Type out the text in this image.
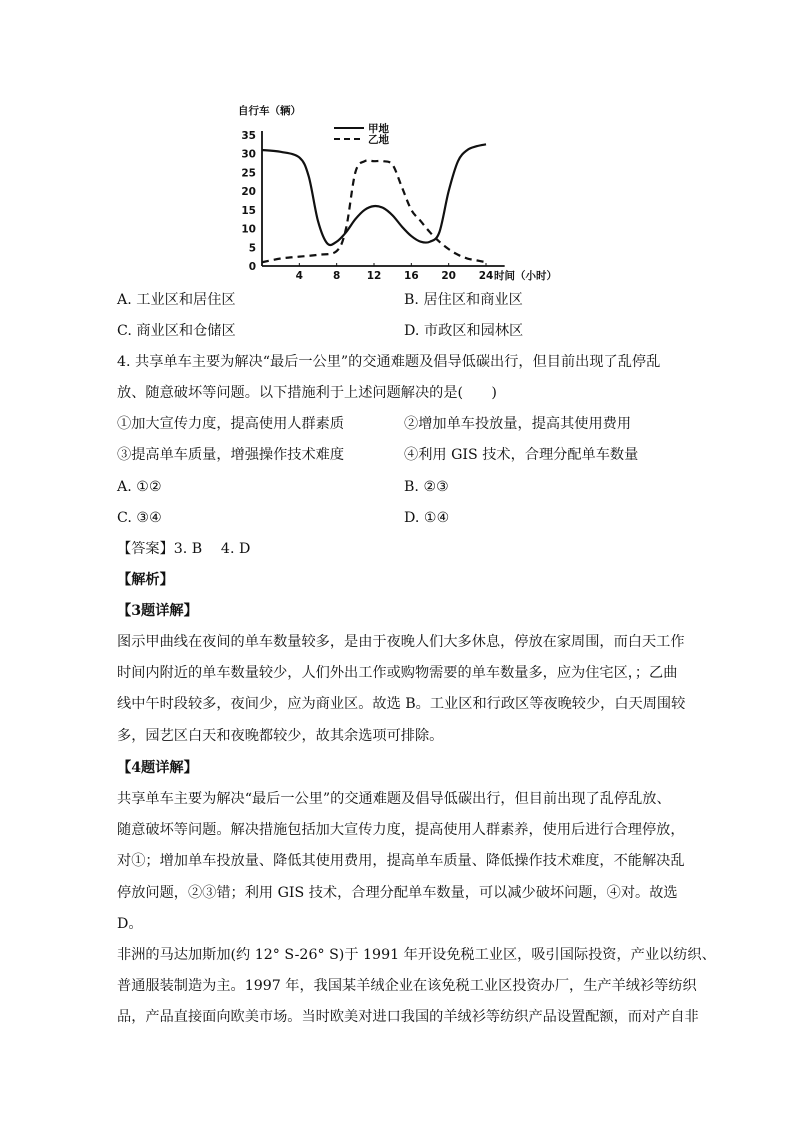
自行车（辆）
35
30
25
20
15
10
5
0
4	8	12 16 20 24 时间（小时）
甲地
乙地
A. 工业区和居住区	B. 居住区和商业区
C. 商业区和仓储区	D. 市政区和园林区
4. 共享单车主要为解决“最后一公里”的交通难题及倡导低碳出行，但目前出现了乱停乱
放、随意破坏等问题。以下措施利于上述问题解决的是(　　)
①加大宣传力度，提高使用人群素质	②增加单车投放量，提高其使用费用
③提高单车质量，增强操作技术难度	④利用 GIS 技术，合理分配单车数量
A. ①②	B. ②③
C. ③④	D. ①④
【答案】3. B　 4. D
【解析】
【3题详解】

图示甲曲线在夜间的单车数量较多，是由于夜晚人们大多休息，停放在家周围，而白天工作

时间内附近的单车数量较少，人们外出工作或购物需要的单车数量多，应为住宅区，；乙曲

线中午时段较多，夜间少，应为商业区。故选 B。工业区和行政区等夜晚较少，白天周围较

多，园艺区白天和夜晚都较少，故其余选项可排除。

【4题详解】

共享单车主要为解决“最后一公里”的交通难题及倡导低碳出行，但目前出现了乱停乱放、

随意破坏等问题。解决措施包括加大宣传力度，提高使用人群素养，使用后进行合理停放，

对①；增加单车投放量、降低其使用费用，提高单车质量、降低操作技术难度，不能解决乱

停放问题，②③错；利用 GIS 技术，合理分配单车数量，可以减少破坏问题，④对。故选

D。

非洲的马达加斯加(约 12° S-26° S)于 1991 年开设免税工业区，吸引国际投资，产业以纺织、

普通服装制造为主。1997 年，我国某羊绒企业在该免税工业区投资办厂，生产羊绒衫等纺织

品，产品直接面向欧美市场。当时欧美对进口我国的羊绒衫等纺织产品设置配额，而对产自非
